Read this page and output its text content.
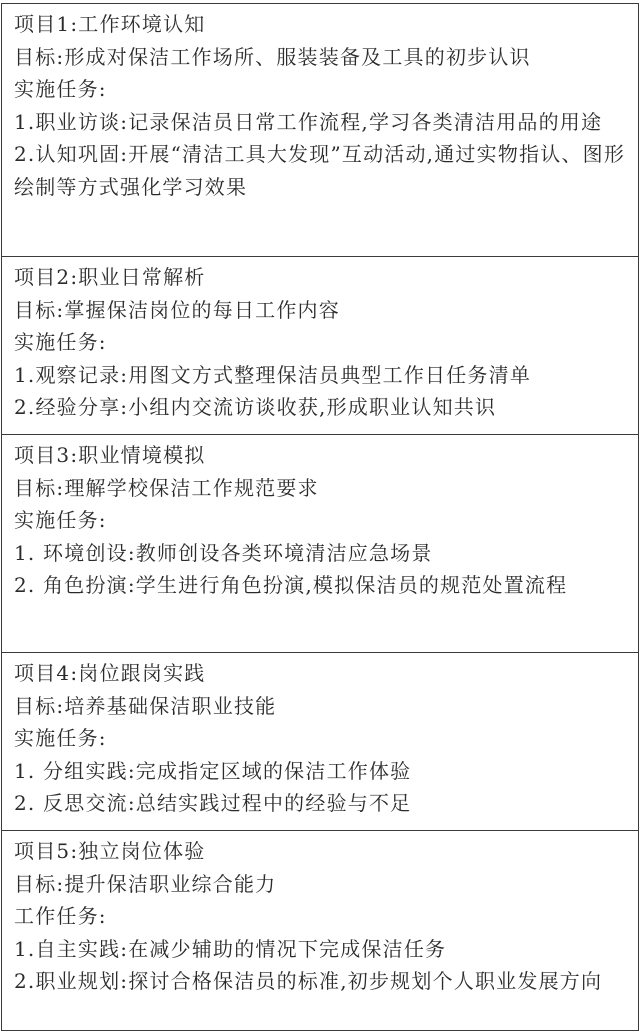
项目1:工作环境认知
目标:形成对保洁工作场所、服装装备及工具的初步认识
实施任务:
1.职业访谈:记录保洁员日常工作流程,学习各类清洁用品的用途
2.认知巩固:开展“清洁工具大发现”互动活动,通过实物指认、图形绘制等方式强化学习效果
项目2:职业日常解析
目标:掌握保洁岗位的每日工作内容
实施任务:
1.观察记录:用图文方式整理保洁员典型工作日任务清单
2.经验分享:小组内交流访谈收获,形成职业认知共识
项目3:职业情境模拟
目标:理解学校保洁工作规范要求
实施任务:
1. 环境创设:教师创设各类环境清洁应急场景
2. 角色扮演:学生进行角色扮演,模拟保洁员的规范处置流程
项目4:岗位跟岗实践
目标:培养基础保洁职业技能
实施任务:
1. 分组实践:完成指定区域的保洁工作体验
2. 反思交流:总结实践过程中的经验与不足
项目5:独立岗位体验
目标:提升保洁职业综合能力
工作任务:
1.自主实践:在减少辅助的情况下完成保洁任务
2.职业规划:探讨合格保洁员的标准,初步规划个人职业发展方向
